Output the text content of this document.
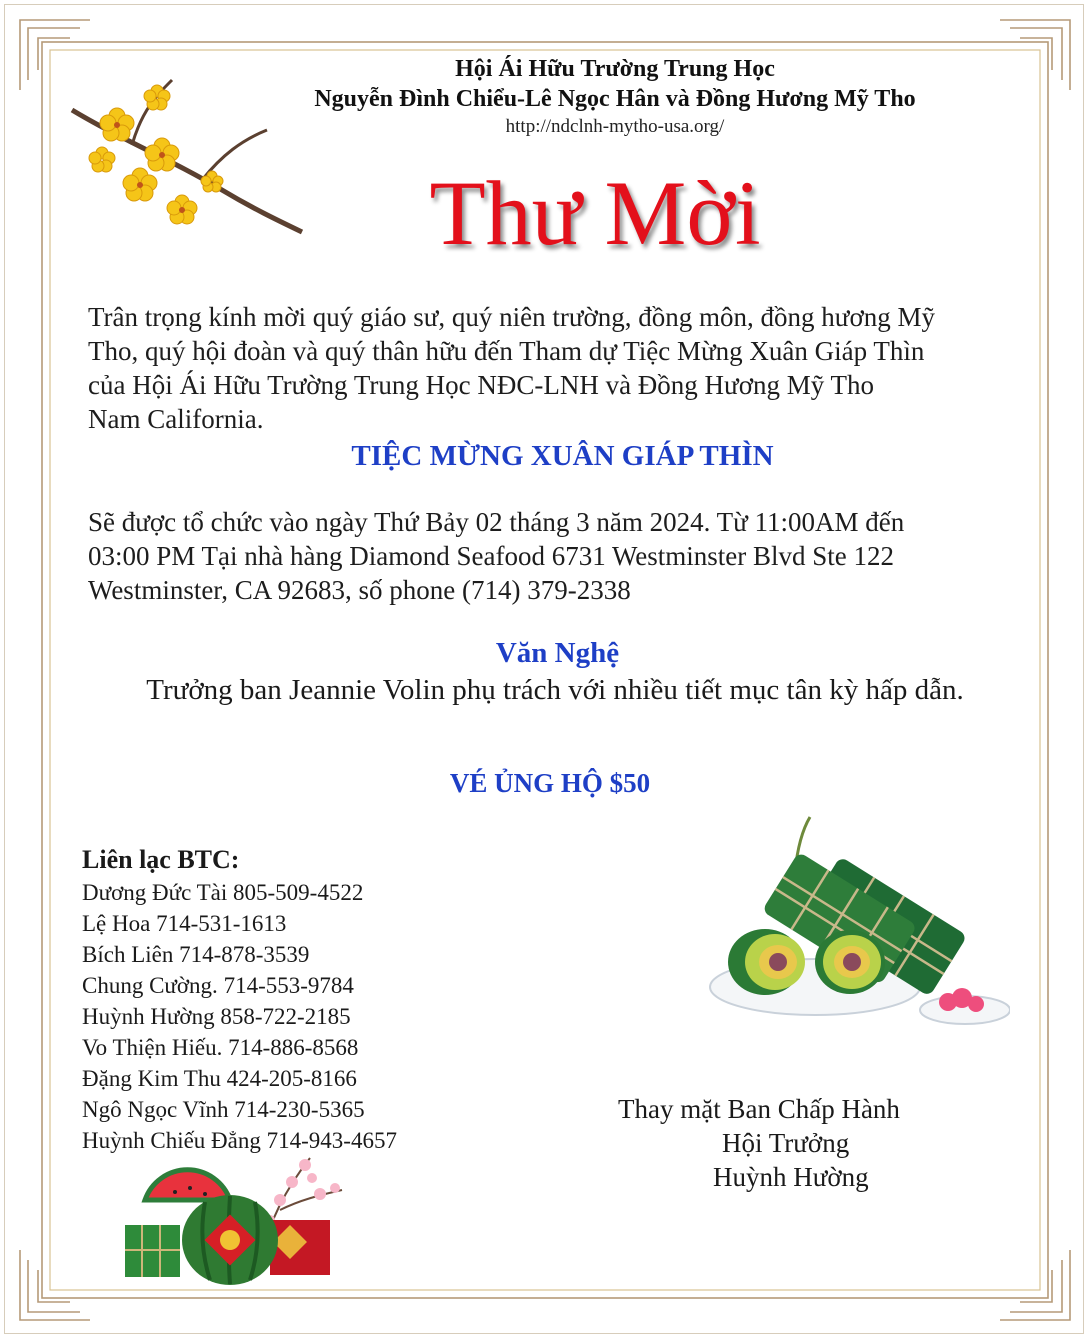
Hội Ái Hữu Trường Trung Học
Nguyễn Đình Chiểu-Lê Ngọc Hân và Đồng Hương Mỹ Tho
http://ndclnh-mytho-usa.org/
Thư Mời
Trân trọng kính mời quý giáo sư, quý niên trường, đồng môn, đồng hương Mỹ
Tho, quý hội đoàn và quý thân hữu đến Tham dự Tiệc Mừng Xuân Giáp Thìn
của Hội Ái Hữu Trường Trung Học NĐC-LNH và Đồng Hương Mỹ Tho
Nam California.
TIỆC MỪNG XUÂN GIÁP THÌN
Sẽ được tổ chức vào ngày Thứ Bảy 02 tháng 3 năm 2024. Từ 11:00AM đến
03:00 PM Tại nhà hàng Diamond Seafood 6731 Westminster Blvd Ste 122
Westminster, CA 92683, số phone (714) 379-2338
Văn Nghệ
Trưởng ban Jeannie Volin phụ trách với nhiều tiết mục tân kỳ hấp dẫn.
VÉ ỦNG HỘ $50
Liên lạc BTC:
Dương Đức Tài 805-509-4522
Lệ Hoa 714-531-1613
Bích Liên 714-878-3539
Chung Cường. 714-553-9784
Huỳnh Hường 858-722-2185
Vo Thiện Hiếu. 714-886-8568
Đặng Kim Thu 424-205-8166
Ngô Ngọc Vĩnh 714-230-5365
Huỳnh Chiếu Đẳng 714-943-4657
Thay mặt Ban Chấp Hành
Hội Trưởng
Huỳnh Hường
